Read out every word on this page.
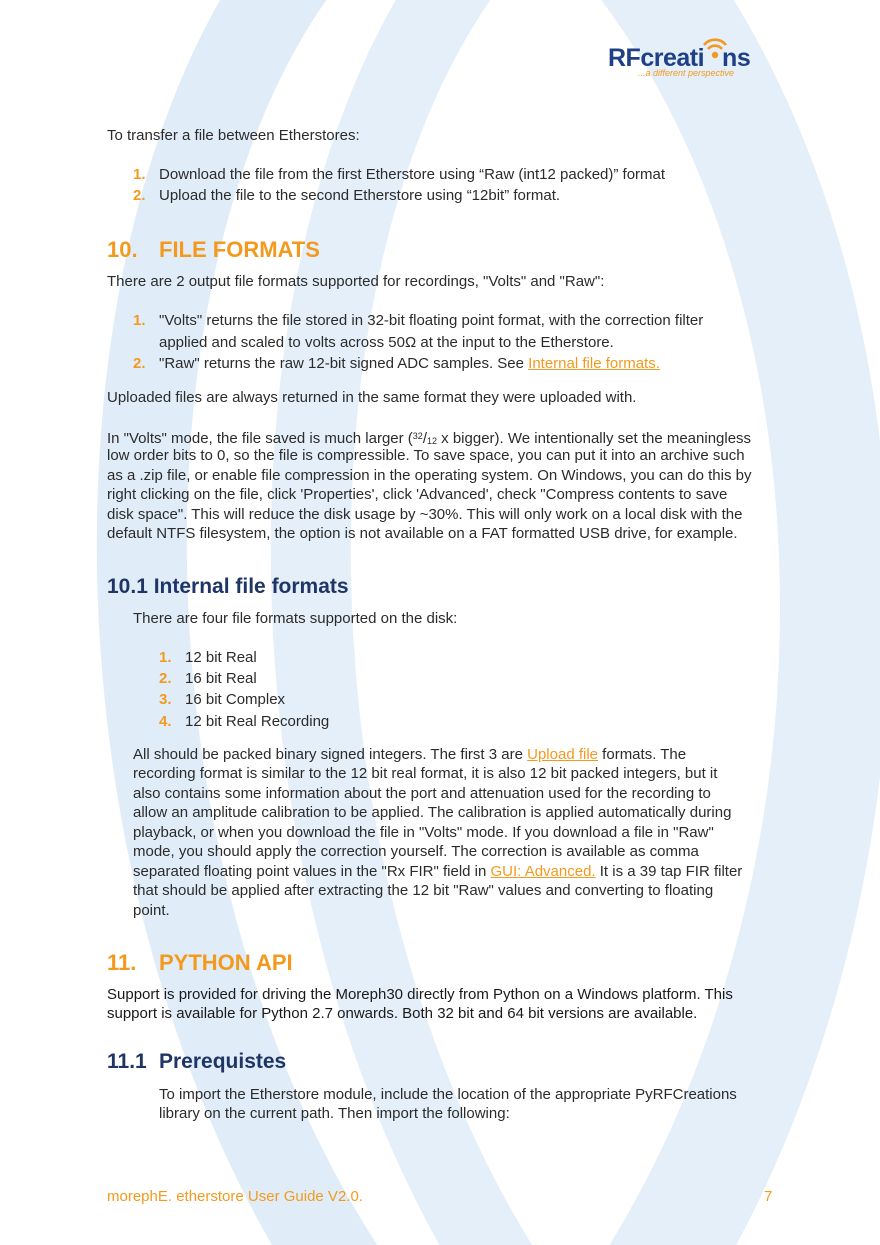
RFcreati ns
...a different perspective

To transfer a file between Etherstores:

1. Download the file from the first Etherstore using “Raw (int12 packed)” format
2. Upload the file to the second Etherstore using “12bit” format.
10. FILE FORMATS

There are 2 output file formats supported for recordings, "Volts" and "Raw":

1. "Volts" returns the file stored in 32-bit floating point format, with the correction filter
applied and scaled to volts across 50Ω at the input to the Etherstore.
2. "Raw" returns the raw 12-bit signed ADC samples. See Internal file formats.

Uploaded files are always returned in the same format they were uploaded with.

In "Volts" mode, the file saved is much larger ($^{32}$/12 x bigger). We intentionally set the meaningless

low order bits to 0, so the file is compressible. To save space, you can put it into an archive such

as a .zip file, or enable file compression in the operating system. On Windows, you can do this by

right clicking on the file, click 'Properties', click 'Advanced', check "Compress contents to save

disk space". This will reduce the disk usage by ~30%. This will only work on a local disk with the

default NTFS filesystem, the option is not available on a FAT formatted USB drive, for example.

10.1 Internal file formats

There are four file formats supported on the disk:

1. 12 bit Real
2. 16 bit Real
3. 16 bit Complex
4. 12 bit Real Recording

All should be packed binary signed integers. The first 3 are Upload file formats. The

recording format is similar to the 12 bit real format, it is also 12 bit packed integers, but it

also contains some information about the port and attenuation used for the recording to

allow an amplitude calibration to be applied. The calibration is applied automatically during

playback, or when you download the file in "Volts" mode. If you download a file in "Raw"

mode, you should apply the correction yourself. The correction is available as comma

separated floating point values in the "Rx FIR" field in GUI: Advanced. It is a 39 tap FIR filter

that should be applied after extracting the 12 bit "Raw" values and converting to floating

point.

11. PYTHON API

Support is provided for driving the Moreph30 directly from Python on a Windows platform. This

support is available for Python 2.7 onwards. Both 32 bit and 64 bit versions are available.

11.1 Prerequistes

To import the Etherstore module, include the location of the appropriate PyRFCreations

library on the current path. Then import the following:

morephE. etherstore User Guide V2.0.	7
